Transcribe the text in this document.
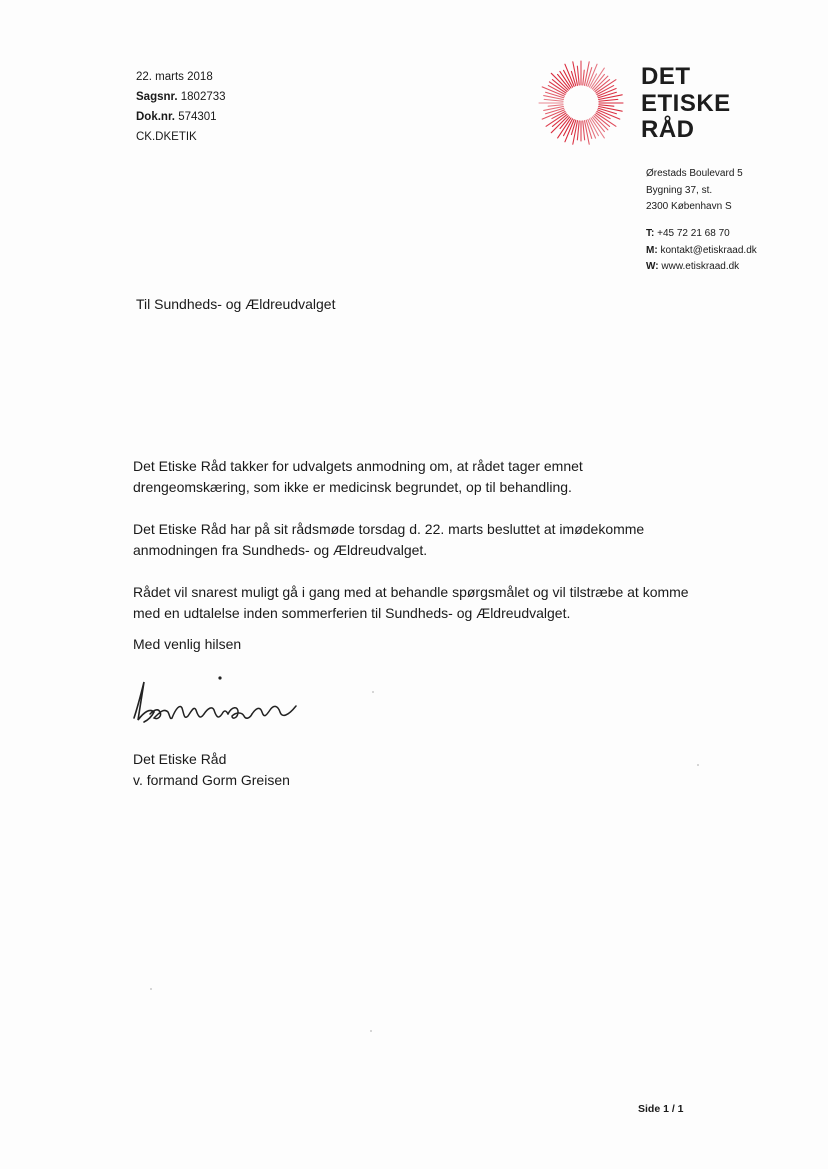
22. marts 2018
Sagsnr. 1802733
Dok.nr. 574301
CK.DKETIK
DET
ETISKE
RÅD
Ørestads Boulevard 5
Bygning 37, st.
2300 København S
T: +45 72 21 68 70
M: kontakt@etiskraad.dk
W: www.etiskraad.dk
Til Sundheds- og Ældreudvalget

Det Etiske Råd takker for udvalgets anmodning om, at rådet tager emnet drengeomskæring, som ikke er medicinsk begrundet, op til behandling.

Det Etiske Råd har på sit rådsmøde torsdag d. 22. marts besluttet at imødekomme anmodningen fra Sundheds- og Ældreudvalget.

Rådet vil snarest muligt gå i gang med at behandle spørgsmålet og vil tilstræbe at komme med en udtalelse inden sommerferien til Sundheds- og Ældreudvalget.

Med venlig hilsen
Det Etiske Råd
v. formand Gorm Greisen
Side 1 / 1
